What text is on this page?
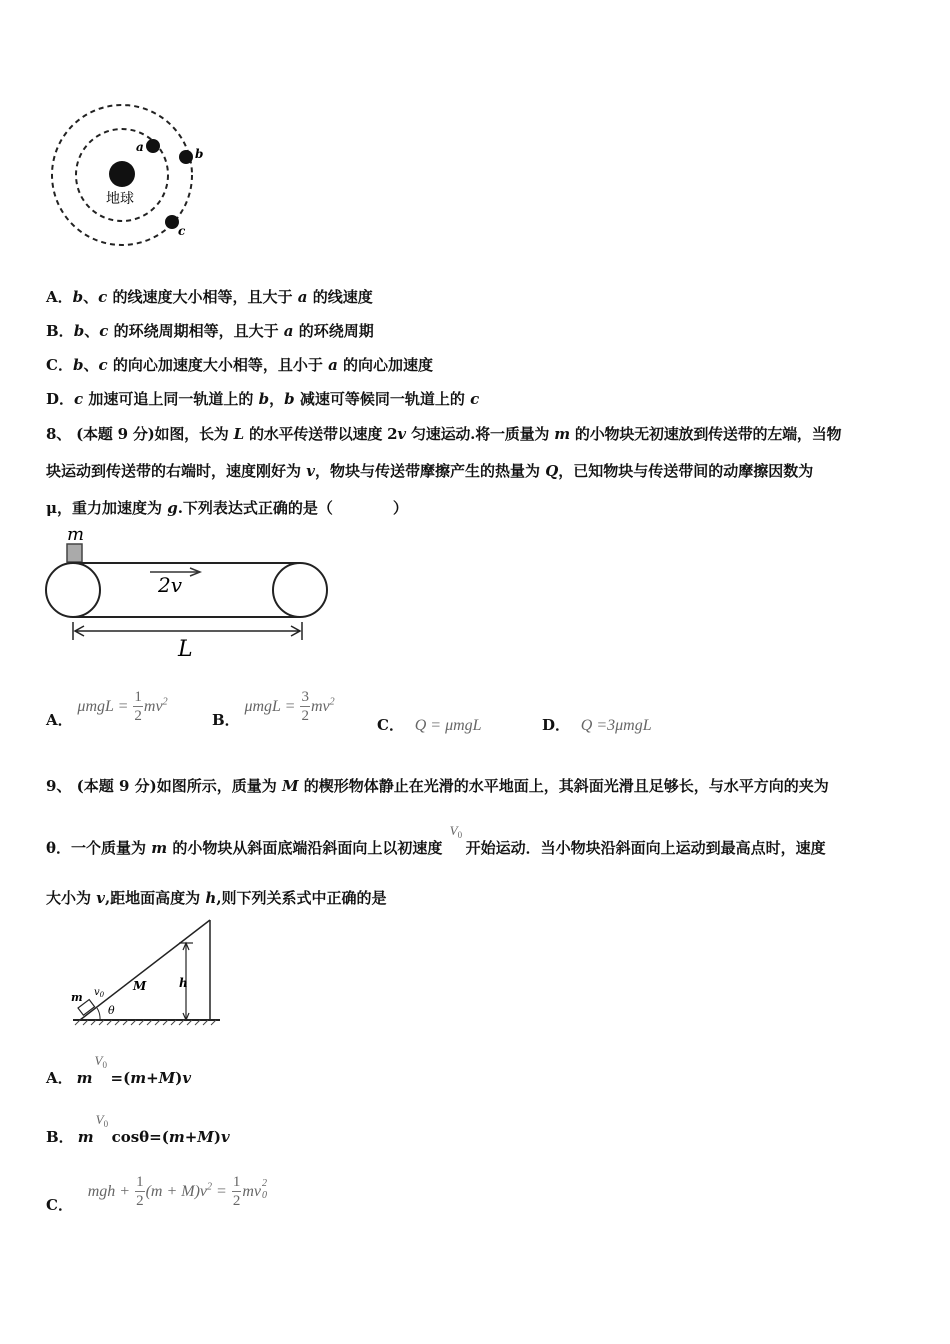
地球
a	b
c
A．b、c 的线速度大小相等，且大于 a 的线速度
B．b、c 的环绕周期相等，且大于 a 的环绕周期
C．b、c 的向心加速度大小相等，且小于 a 的向心加速度
D．c 加速可追上同一轨道上的 b，b 减速可等候同一轨道上的 c
8、 (本题 9 分)如图，长为 L 的水平传送带以速度 2v 匀速运动.将一质量为 m 的小物块无初速放到传送带的左端，当物
块运动到传送带的右端时，速度刚好为 v，物块与传送带摩擦产生的热量为 Q，已知物块与传送带间的动摩擦因数为
μ，重力加速度为 g.下列表达式正确的是（　　　　）
m
2v
L
A． $\mu mgL = \frac{1}{2} mv^2$
B． $\mu mgL = \frac{3}{2} mv^2$
C． Q = μmgL	D． Q =3μmgL
9、 (本题 9 分)如图所示，质量为 M 的楔形物体静止在光滑的水平地面上，其斜面光滑且足够长，与水平方向的夹为
θ．一个质量为 m 的小物块从斜面底端沿斜面向上以初速度
V 0
开始运动．当小物块沿斜面向上运动到最高点时，速度
大小为 v,距地面高度为 h,则下列关系式中正确的是
m $v_0$
θ
M	h
A． m
V 0
=(m+M)v
B． m
V 0
cosθ=(m+M)v
C． mgh + $\frac{1}{2} (m + M)v^2 = \frac{1}{2}$ mv 2
0
